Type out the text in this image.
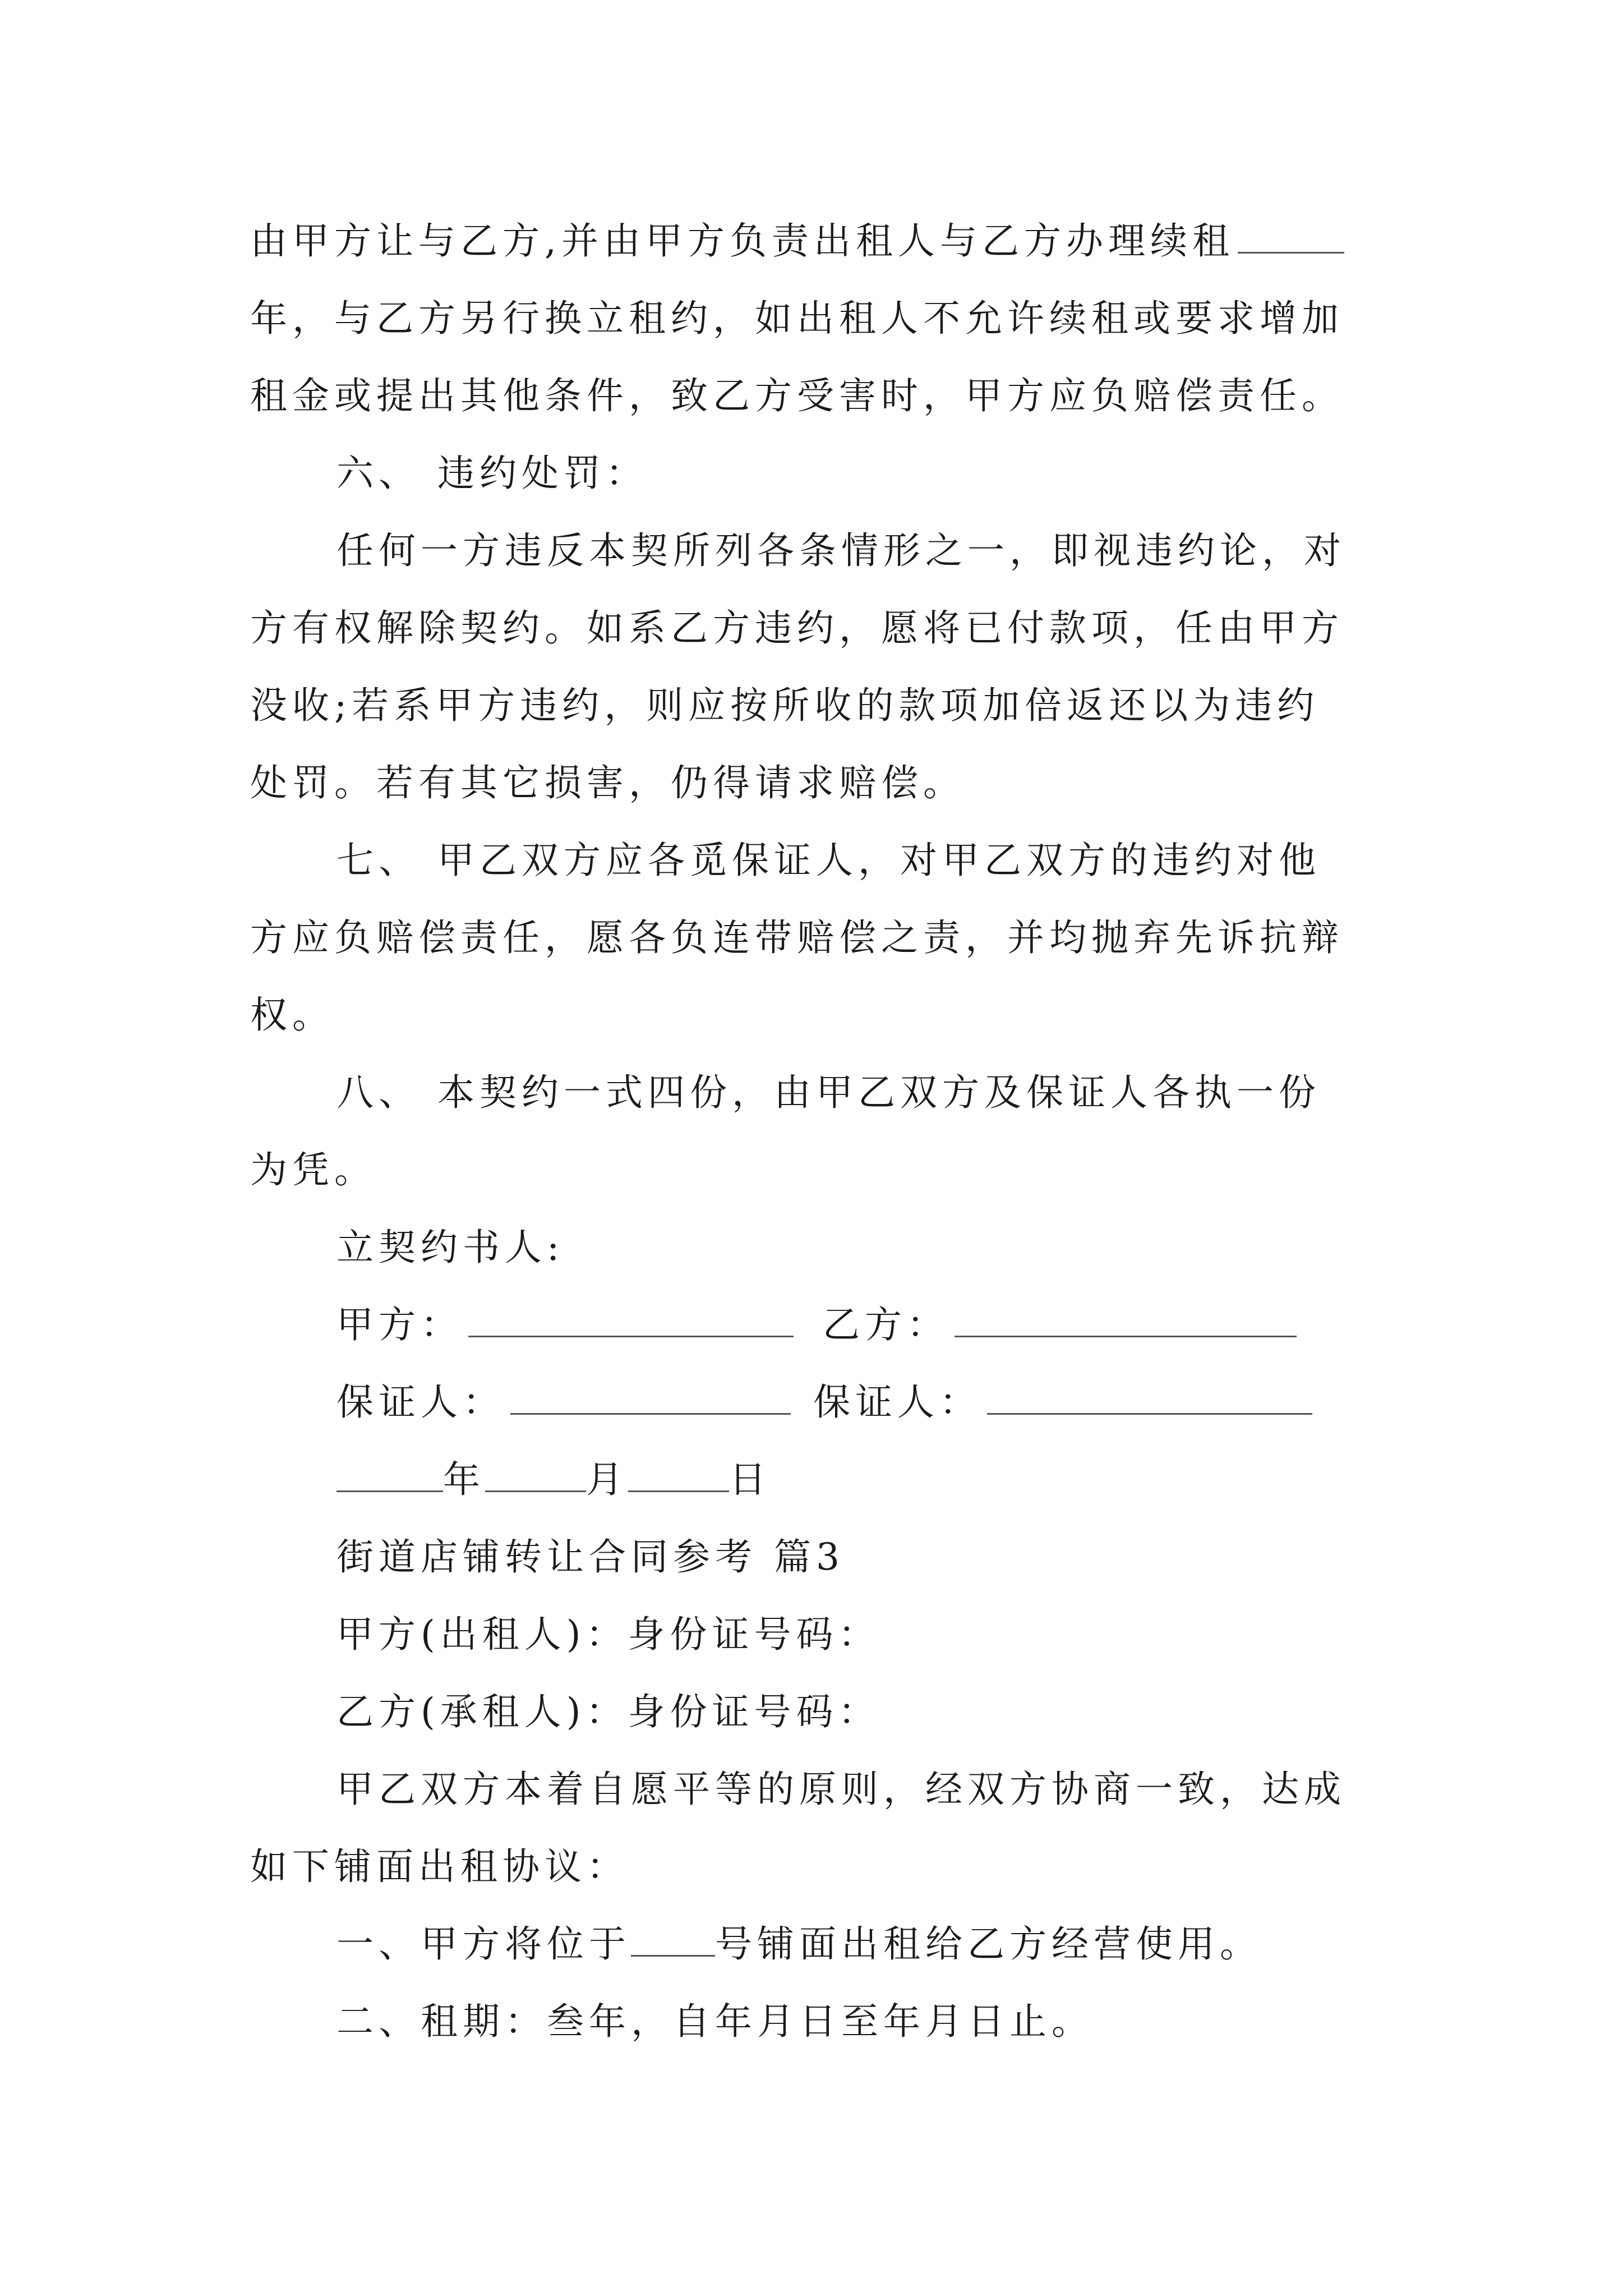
由甲方让与乙方,并由甲方负责出租人与乙方办理续租
年，与乙方另行换立租约，如出租人不允许续租或要求增加
租金或提出其他条件，致乙方受害时，甲方应负赔偿责任。
六、 违约处罚：
任何一方违反本契所列各条情形之一，即视违约论，对
方有权解除契约。如系乙方违约，愿将已付款项，任由甲方
没收;若系甲方违约，则应按所收的款项加倍返还以为违约
处罚。若有其它损害，仍得请求赔偿。
七、 甲乙双方应各觅保证人，对甲乙双方的违约对他
方应负赔偿责任，愿各负连带赔偿之责，并均抛弃先诉抗辩
权。
八、 本契约一式四份，由甲乙双方及保证人各执一份
为凭。
立契约书人:
甲方：	乙方：
保证人：	保证人：
年	月	日
街道店铺转让合同参考 篇3
甲方(出租人)：身份证号码：
乙方(承租人)：身份证号码：
甲乙双方本着自愿平等的原则，经双方协商一致，达成
如下铺面出租协议：
一、甲方将位于 号铺面出租给乙方经营使用。
二、租期：叁年，自年月日至年月日止。
